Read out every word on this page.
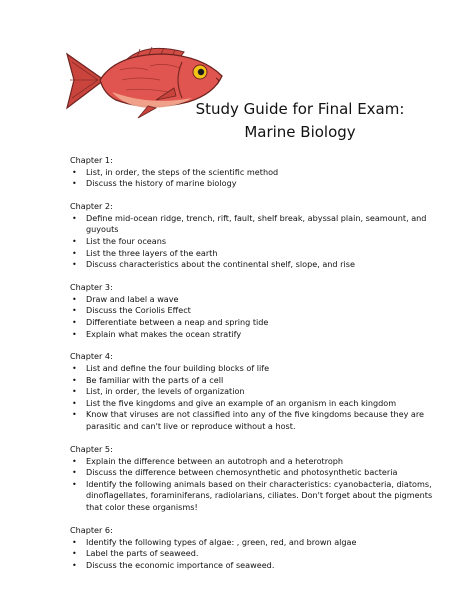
Study Guide for Final Exam:
Marine Biology
Chapter 1:
• List, in order, the steps of the scientific method
• Discuss the history of marine biology
Chapter 2:
• Define mid-ocean ridge, trench, rift, fault, shelf break, abyssal plain, seamount, and guyouts
• List the four oceans
• List the three layers of the earth
• Discuss characteristics about the continental shelf, slope, and rise
Chapter 3:
• Draw and label a wave
• Discuss the Coriolis Effect
• Differentiate between a neap and spring tide
• Explain what makes the ocean stratify
Chapter 4:
• List and define the four building blocks of life
• Be familiar with the parts of a cell
• List, in order, the levels of organization
• List the five kingdoms and give an example of an organism in each kingdom
• Know that viruses are not classified into any of the five kingdoms because they are parasitic and can't live or reproduce without a host.
Chapter 5:
• Explain the difference between an autotroph and a heterotroph
• Discuss the difference between chemosynthetic and photosynthetic bacteria
• Identify the following animals based on their characteristics: cyanobacteria, diatoms, dinoflagellates, foraminiferans, radiolarians, ciliates. Don't forget about the pigments that color these organisms!
Chapter 6:
• Identify the following types of algae: , green, red, and brown algae
• Label the parts of seaweed.
• Discuss the economic importance of seaweed.
